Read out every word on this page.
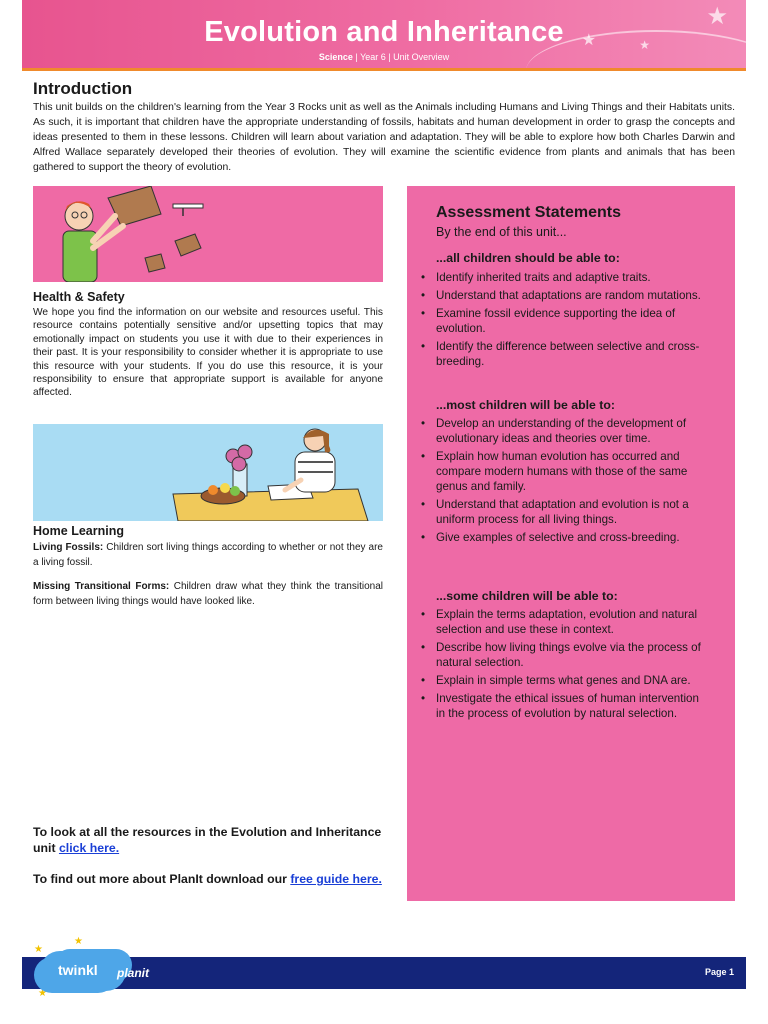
★
★	★
Evolution and Inheritance
Science | Year 6 | Unit Overview
Introduction
This unit builds on the children's learning from the Year 3 Rocks unit as well as the Animals including Humans and Living Things and their Habitats units. As such, it is important that children have the appropriate understanding of fossils, habitats and human development in order to grasp the concepts and ideas presented to them in these lessons. Children will learn about variation and adaptation. They will be able to explore how both Charles Darwin and Alfred Wallace separately developed their theories of evolution. They will examine the scientific evidence from plants and animals that has been gathered to support the theory of evolution.
Health & Safety
We hope you find the information on our website and resources useful. This resource contains potentially sensitive and/or upsetting topics that may emotionally impact on students you use it with due to their experiences in their past. It is your responsibility to consider whether it is appropriate to use this resource with your students. If you do use this resource, it is your responsibility to ensure that appropriate support is available for anyone affected.
Home Learning
Living Fossils: Children sort living things according to whether or not they are a living fossil.
Missing Transitional Forms: Children draw what they think the transitional form between living things would have looked like.
To look at all the resources in the Evolution and Inheritance unit click here.
To find out more about PlanIt download our free guide here.
Assessment Statements
By the end of this unit...
...all children should be able to:
• Identify inherited traits and adaptive traits.
• Understand that adaptations are random mutations.
• Examine fossil evidence supporting the idea of evolution.
• Identify the difference between selective and cross-breeding.
...most children will be able to:
• Develop an understanding of the development of evolutionary ideas and theories over time.
• Explain how human evolution has occurred and compare modern humans with those of the same genus and family.
• Understand that adaptation and evolution is not a uniform process for all living things.
• Give examples of selective and cross-breeding.
...some children will be able to:
• Explain the terms adaptation, evolution and natural selection and use these in context.
• Describe how living things evolve via the process of natural selection.
• Explain in simple terms what genes and DNA are.
• Investigate the ethical issues of human intervention in the process of evolution by natural selection.
Page 1
★
★
★
twinkl planit
